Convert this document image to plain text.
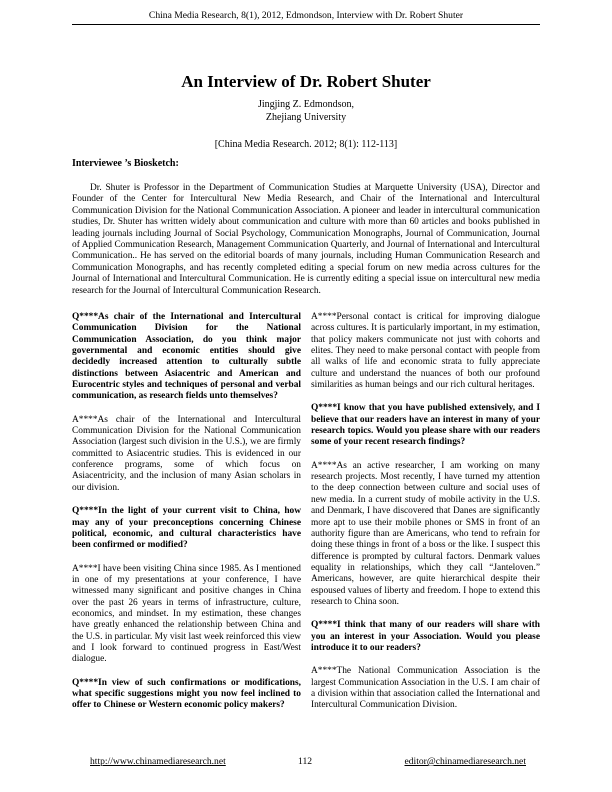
China Media Research, 8(1), 2012, Edmondson, Interview with Dr. Robert Shuter
An Interview of Dr. Robert Shuter
Jingjing Z. Edmondson,
Zhejiang University
[China Media Research. 2012; 8(1): 112-113]
Interviewee ’s Biosketch:

Dr. Shuter is Professor in the Department of Communication Studies at Marquette University (USA), Director and Founder of the Center for Intercultural New Media Research, and Chair of the International and Intercultural Communication Division for the National Communication Association. A pioneer and leader in intercultural communication studies, Dr. Shuter has written widely about communication and culture with more than 60 articles and books published in leading journals including Journal of Social Psychology, Communication Monographs, Journal of Communication, Journal of Applied Communication Research, Management Communication Quarterly, and Journal of International and Intercultural Communication.. He has served on the editorial boards of many journals, including Human Communication Research and Communication Monographs, and has recently completed editing a special forum on new media across cultures for the Journal of International and Intercultural Communication. He is currently editing a special issue on intercultural new media research for the Journal of Intercultural Communication Research.

Q****As chair of the International and Intercultural Communication Division for the National Communication Association, do you think major governmental and economic entities should give decidedly increased attention to culturally subtle distinctions between Asiacentric and American and Eurocentric styles and techniques of personal and verbal communication, as research fields unto themselves?

A****As chair of the International and Intercultural Communication Division for the National Communication Association (largest such division in the U.S.), we are firmly committed to Asiacentric studies. This is evidenced in our conference programs, some of which focus on Asiacentricity, and the inclusion of many Asian scholars in our division.

Q****In the light of your current visit to China, how may any of your preconceptions concerning Chinese political, economic, and cultural characteristics have been confirmed or modified?

A****I have been visiting China since 1985. As I mentioned in one of my presentations at your conference, I have witnessed many significant and positive changes in China over the past 26 years in terms of infrastructure, culture, economics, and mindset. In my estimation, these changes have greatly enhanced the relationship between China and the U.S. in particular. My visit last week reinforced this view and I look forward to continued progress in East/West dialogue.

Q****In view of such confirmations or modifications, what specific suggestions might you now feel inclined to offer to Chinese or Western economic policy makers?

A****Personal contact is critical for improving dialogue across cultures. It is particularly important, in my estimation, that policy makers communicate not just with cohorts and elites. They need to make personal contact with people from all walks of life and economic strata to fully appreciate culture and understand the nuances of both our profound similarities as human beings and our rich cultural heritages.

Q****I know that you have published extensively, and I believe that our readers have an interest in many of your research topics. Would you please share with our readers some of your recent research findings?

A****As an active researcher, I am working on many research projects. Most recently, I have turned my attention to the deep connection between culture and social uses of new media. In a current study of mobile activity in the U.S. and Denmark, I have discovered that Danes are significantly more apt to use their mobile phones or SMS in front of an authority figure than are Americans, who tend to refrain for doing these things in front of a boss or the like. I suspect this difference is prompted by cultural factors. Denmark values equality in relationships, which they call “Janteloven.” Americans, however, are quite hierarchical despite their espoused values of liberty and freedom. I hope to extend this research to China soon.

Q****I think that many of our readers will share with you an interest in your Association. Would you please introduce it to our readers?

A****The National Communication Association is the largest Communication Association in the U.S. I am chair of a division within that association called the International and Intercultural Communication Division.

http://www.chinamediaresearch.net	112	editor@chinamediaresearch.net
